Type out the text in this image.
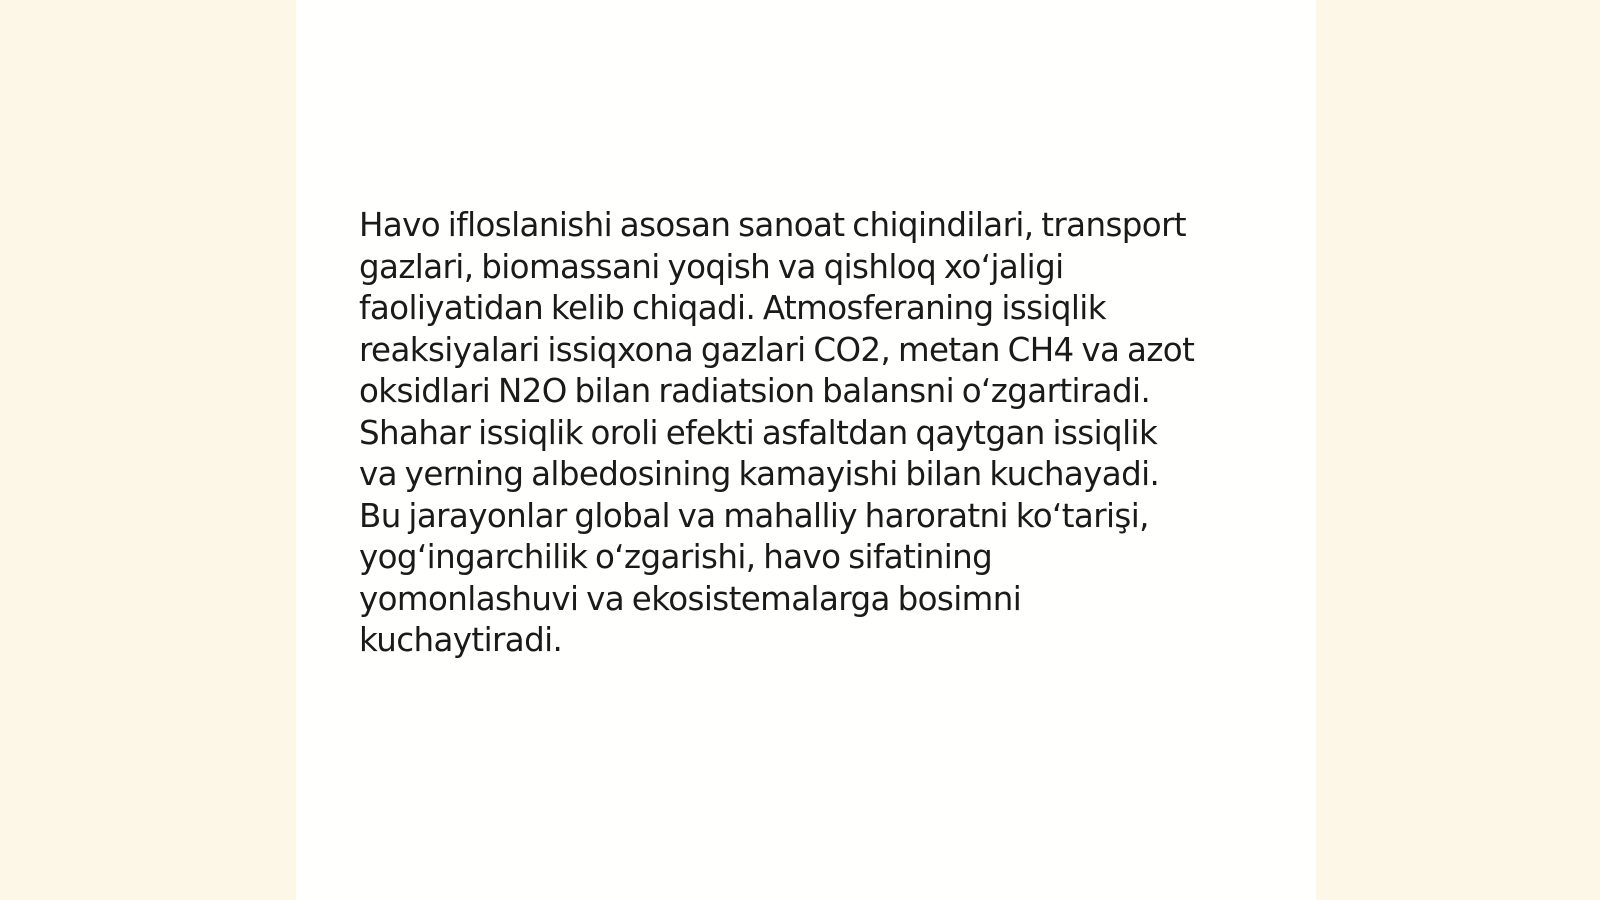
Havo ifloslanishi asosan sanoat chiqindilari, transport
gazlari, biomassani yoqish va qishloq xo‘jaligi
faoliyatidan kelib chiqadi. Atmosferaning issiqlik
reaksiyalari issiqxona gazlari CO2, metan CH4 va azot
oksidlari N2O bilan radiatsion balansni o‘zgartiradi.
Shahar issiqlik oroli efekti asfaltdan qaytgan issiqlik
va yerning albedosining kamayishi bilan kuchayadi.
Bu jarayonlar global va mahalliy haroratni ko‘tarişi,
yog‘ingarchilik o‘zgarishi, havo sifatining
yomonlashuvi va ekosistemalarga bosimni
kuchaytiradi.
